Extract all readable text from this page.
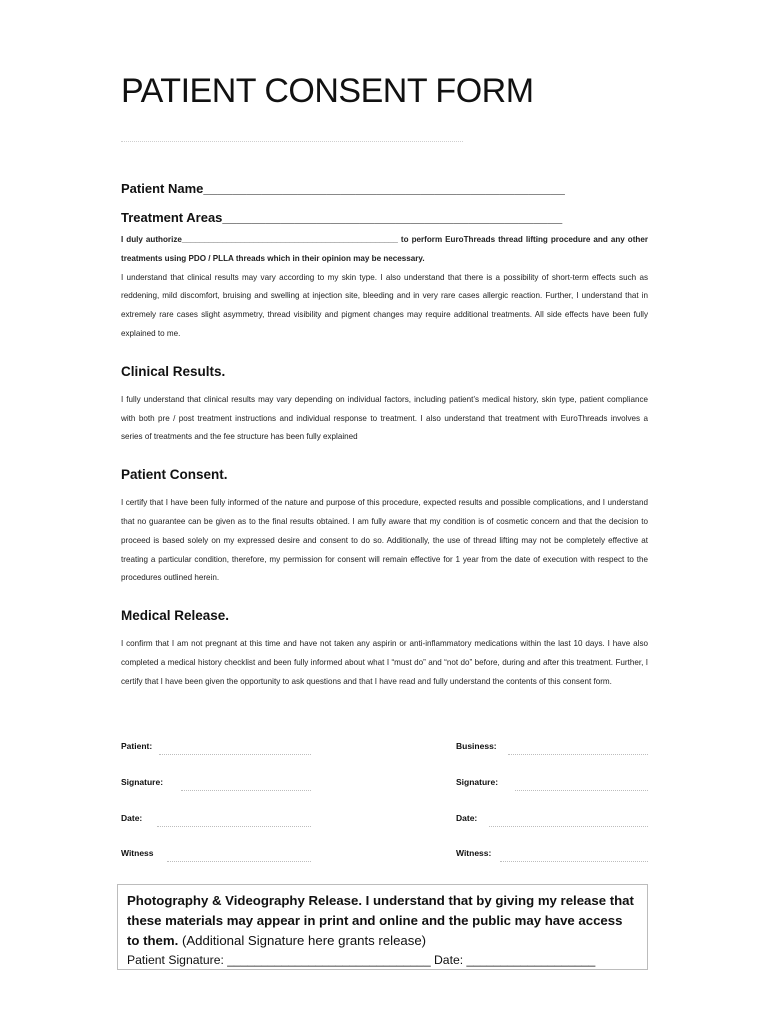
PATIENT CONSENT FORM
Patient Name__________________________________________________
Treatment Areas_______________________________________________

I duly authorize________________________________________________ to perform EuroThreads thread lifting procedure and any other treatments using PDO / PLLA threads which in their opinion may be necessary.

I understand that clinical results may vary according to my skin type. I also understand that there is a possibility of short-term effects such as reddening, mild discomfort, bruising and swelling at injection site, bleeding and in very rare cases allergic reaction. Further, I understand that in extremely rare cases slight asymmetry, thread visibility and pigment changes may require additional treatments. All side effects have been fully explained to me.

Clinical Results.

I fully understand that clinical results may vary depending on individual factors, including patient’s medical history, skin type, patient compliance with both pre / post treatment instructions and individual response to treatment. I also understand that treatment with EuroThreads involves a series of treatments and the fee structure has been fully explained

Patient Consent.

I certify that I have been fully informed of the nature and purpose of this procedure, expected results and possible complications, and I understand that no guarantee can be given as to the final results obtained. I am fully aware that my condition is of cosmetic concern and that the decision to proceed is based solely on my expressed desire and consent to do so. Additionally, the use of thread lifting may not be completely effective at treating a particular condition, therefore, my permission for consent will remain effective for 1 year from the date of execution with respect to the procedures outlined herein.

Medical Release.

I confirm that I am not pregnant at this time and have not taken any aspirin or anti-inflammatory medications within the last 10 days. I have also completed a medical history checklist and been fully informed about what I “must do” and “not do” before, during and after this treatment. Further, I certify that I have been given the opportunity to ask questions and that I have read and fully understand the contents of this consent form.

Patient:	Business:
Signature:	Signature:
Date:	Date:
Witness	Witness:

Photography & Videography Release. I understand that by giving my release that these materials may appear in print and online and the public may have access to them. (Additional Signature here grants release)

Patient Signature: ______________________________ Date: ___________________
